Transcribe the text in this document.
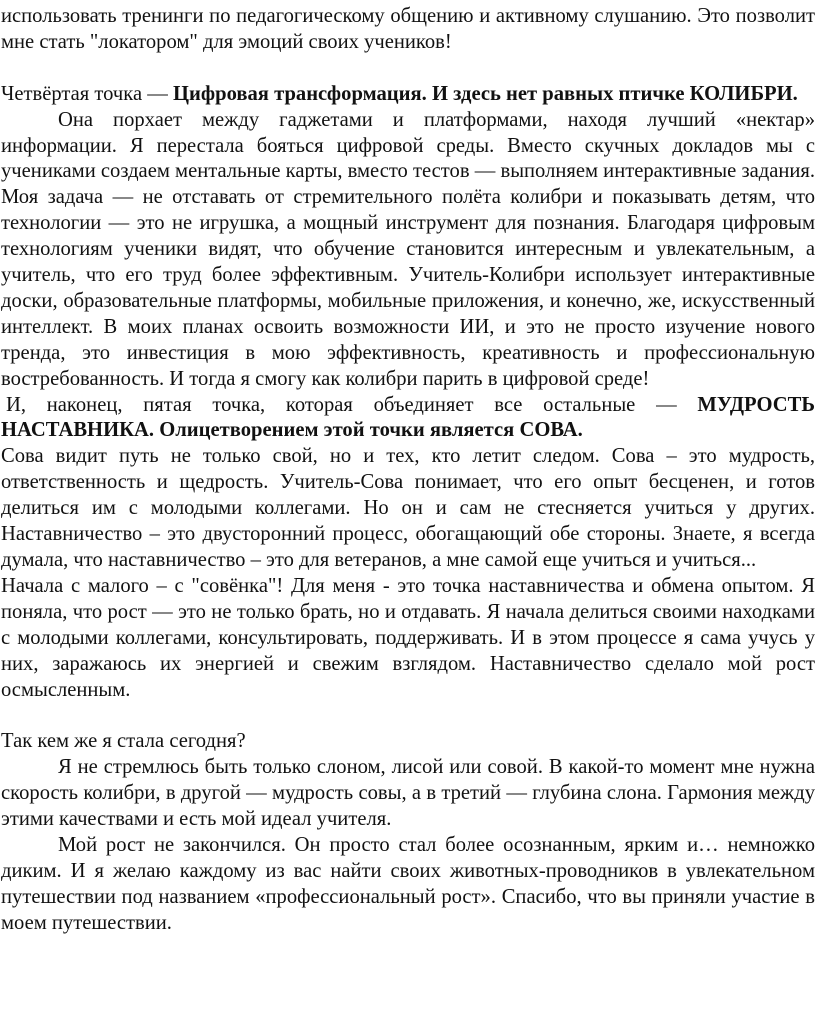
использовать тренинги по педагогическому общению и активному слушанию. Это позволит мне стать "локатором" для эмоций своих учеников!

Четвёртая точка — Цифровая трансформация. И здесь нет равных птичке КОЛИБРИ.

Она порхает между гаджетами и платформами, находя лучший «нектар» информации. Я перестала бояться цифровой среды. Вместо скучных докладов мы с учениками создаем ментальные карты, вместо тестов — выполняем интерактивные задания. Моя задача — не отставать от стремительного полёта колибри и показывать детям, что технологии — это не игрушка, а мощный инструмент для познания. Благодаря цифровым технологиям ученики видят, что обучение становится интересным и увлекательным, а учитель, что его труд более эффективным. Учитель-Колибри использует интерактивные доски, образовательные платформы, мобильные приложения, и конечно, же, искусственный интеллект. В моих планах освоить возможности ИИ, и это не просто изучение нового тренда, это инвестиция в мою эффективность, креативность и профессиональную востребованность. И тогда я смогу как колибри парить в цифровой среде!

И, наконец, пятая точка, которая объединяет все остальные — МУДРОСТЬ НАСТАВНИКА. Олицетворением этой точки является СОВА.

Сова видит путь не только свой, но и тех, кто летит следом. Сова – это мудрость, ответственность и щедрость. Учитель-Сова понимает, что его опыт бесценен, и готов делиться им с молодыми коллегами. Но он и сам не стесняется учиться у других. Наставничество – это двусторонний процесс, обогащающий обе стороны. Знаете, я всегда думала, что наставничество – это для ветеранов, а мне самой еще учиться и учиться...

Начала с малого – с "совёнка"! Для меня - это точка наставничества и обмена опытом. Я поняла, что рост — это не только брать, но и отдавать. Я начала делиться своими находками с молодыми коллегами, консультировать, поддерживать. И в этом процессе я сама учусь у них, заражаюсь их энергией и свежим взглядом. Наставничество сделало мой рост осмысленным.

Так кем же я стала сегодня?

Я не стремлюсь быть только слоном, лисой или совой. В какой-то момент мне нужна скорость колибри, в другой — мудрость совы, а в третий — глубина слона. Гармония между этими качествами и есть мой идеал учителя.

Мой рост не закончился. Он просто стал более осознанным, ярким и… немножко диким. И я желаю каждому из вас найти своих животных-проводников в увлекательном путешествии под названием «профессиональный рост». Спасибо, что вы приняли участие в моем путешествии.
